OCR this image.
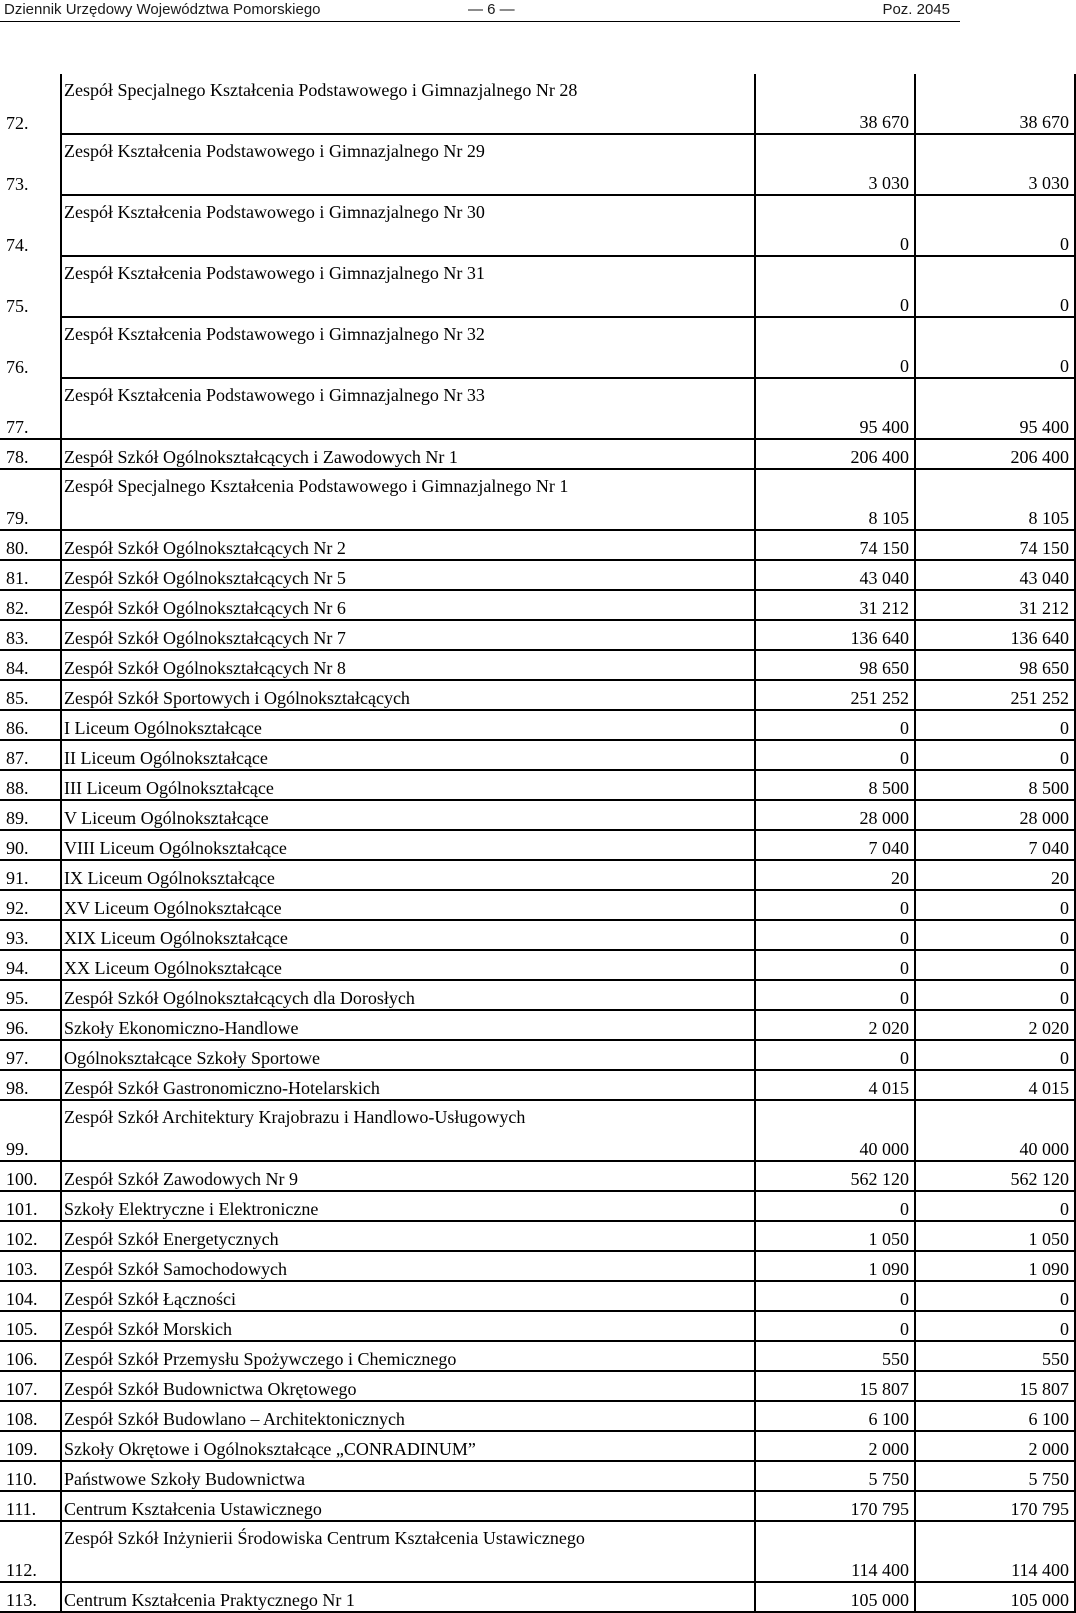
Dziennik Urzędowy Województwa Pomorskiego	— 6 —	Poz. 2045
72.	Zespół Specjalnego Kształcenia Podstawowego i Gimnazjalnego Nr 28	38 670	38 670
73.	Zespół Kształcenia Podstawowego i Gimnazjalnego Nr 29	3 030	3 030
74.	Zespół Kształcenia Podstawowego i Gimnazjalnego Nr 30	0	0
75.	Zespół Kształcenia Podstawowego i Gimnazjalnego Nr 31	0	0
76.	Zespół Kształcenia Podstawowego i Gimnazjalnego Nr 32	0	0
77.	Zespół Kształcenia Podstawowego i Gimnazjalnego Nr 33	95 400	95 400
78.	Zespół Szkół Ogólnokształcących i Zawodowych Nr 1	206 400	206 400
79.	Zespół Specjalnego Kształcenia Podstawowego i Gimnazjalnego Nr 1	8 105	8 105
80.	Zespół Szkół Ogólnokształcących Nr 2	74 150	74 150
81.	Zespół Szkół Ogólnokształcących Nr 5	43 040	43 040
82.	Zespół Szkół Ogólnokształcących Nr 6	31 212	31 212
83.	Zespół Szkół Ogólnokształcących Nr 7	136 640	136 640
84.	Zespół Szkół Ogólnokształcących Nr 8	98 650	98 650
85.	Zespół Szkół Sportowych i Ogólnokształcących	251 252	251 252
86.	I Liceum Ogólnokształcące	0	0
87.	II Liceum Ogólnokształcące	0	0
88.	III Liceum Ogólnokształcące	8 500	8 500
89.	V Liceum Ogólnokształcące	28 000	28 000
90.	VIII Liceum Ogólnokształcące	7 040	7 040
91.	IX Liceum Ogólnokształcące	20	20
92.	XV Liceum Ogólnokształcące	0	0
93.	XIX Liceum Ogólnokształcące	0	0
94.	XX Liceum Ogólnokształcące	0	0
95.	Zespół Szkół Ogólnokształcących dla Dorosłych	0	0
96.	Szkoły Ekonomiczno-Handlowe	2 020	2 020
97.	Ogólnokształcące Szkoły Sportowe	0	0
98.	Zespół Szkół Gastronomiczno-Hotelarskich	4 015	4 015
99.	Zespół Szkół Architektury Krajobrazu i Handlowo-Usługowych	40 000	40 000
100.	Zespół Szkół Zawodowych Nr 9	562 120	562 120
101.	Szkoły Elektryczne i Elektroniczne	0	0
102.	Zespół Szkół Energetycznych	1 050	1 050
103.	Zespół Szkół Samochodowych	1 090	1 090
104.	Zespół Szkół Łączności	0	0
105.	Zespół Szkół Morskich	0	0
106.	Zespół Szkół Przemysłu Spożywczego i Chemicznego	550	550
107.	Zespół Szkół Budownictwa Okrętowego	15 807	15 807
108.	Zespół Szkół Budowlano – Architektonicznych	6 100	6 100
109.	Szkoły Okrętowe i Ogólnokształcące „CONRADINUM”	2 000	2 000
110.	Państwowe Szkoły Budownictwa	5 750	5 750
111.	Centrum Kształcenia Ustawicznego	170 795	170 795
112.	Zespół Szkół Inżynierii Środowiska Centrum Kształcenia Ustawicznego	114 400	114 400
113.	Centrum Kształcenia Praktycznego Nr 1	105 000	105 000
